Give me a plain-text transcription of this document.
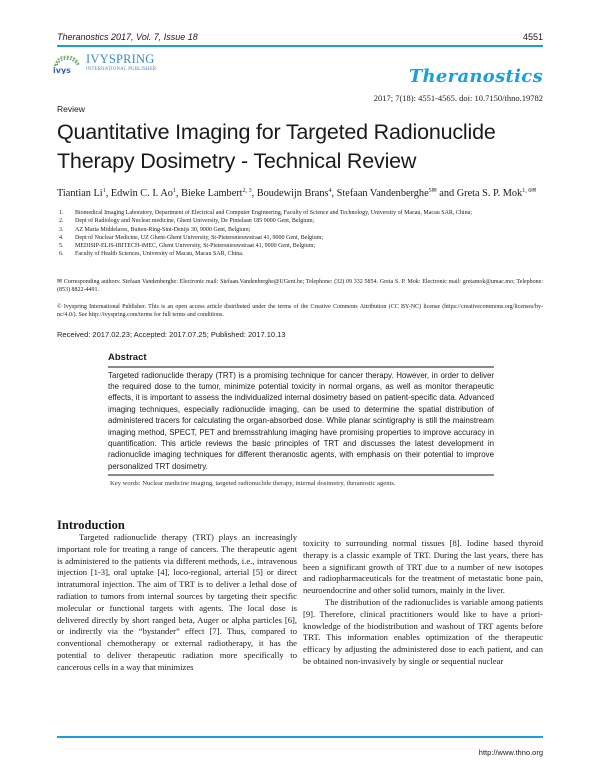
Theranostics 2017, Vol. 7, Issue 18	4551
ivys
IVYSPRING
INTERNATIONAL PUBLISHER	Theranostics
2017; 7(18): 4551-4565. doi: 10.7150/thno.19782
Review
Quantitative Imaging for Targeted Radionuclide Therapy Dosimetry - Technical Review
Tiantian Li$^1$, Edwin C. I. Ao$^1$, Bieke Lambert$^{2, 3}$, Boudewijn Brans$^4$, Stefaan Vandenberghe$^{5✉}$ and Greta S. P. Mok$^{1, 6✉}$
1. Biomedical Imaging Laboratory, Department of Electrical and Computer Engineering, Faculty of Science and Technology, University of Macau, Macau SAR, China;
2. Dept of Radiology and Nuclear medicine, Ghent University, De Pintelaan 185 9000 Gent, Belgium;
3. AZ Maria Middelares, Buiten-Ring-Sint-Denijs 30, 9000 Gent, Belgium;
4. Dept of Nuclear Medicine, UZ Ghent-Ghent University, St-Pietersnieuwstraat 41, 9000 Gent, Belgium;
5. MEDISIP-ELIS-IBITECH-iMEC, Ghent University, St-Pietersnieuwstraat 41, 9000 Gent, Belgium;
6. Faculty of Health Sciences, University of Macau, Macau SAR, China.
✉ Corresponding authors: Stefaan Vandenberghe: Electronic mail: Stefaan.Vandenberghe@UGent.be; Telephone: (32) 09 332 5854. Greta S. P. Mok: Electronic mail: gretamok@umac.mo; Telephone: (853) 8822-4491.
© Ivyspring International Publisher. This is an open access article distributed under the terms of the Creative Commons Attribution (CC BY-NC) license (https://creativecommons.org/licenses/by-nc/4.0/). See http://ivyspring.com/terms for full terms and conditions.
Received: 2017.02.23; Accepted: 2017.07.25; Published: 2017.10.13
Abstract
Targeted radionuclide therapy (TRT) is a promising technique for cancer therapy. However, in order to deliver the required dose to the tumor, minimize potential toxicity in normal organs, as well as monitor therapeutic effects, it is important to assess the individualized internal dosimetry based on patient-specific data. Advanced imaging techniques, especially radionuclide imaging, can be used to determine the spatial distribution of administered tracers for calculating the organ-absorbed dose. While planar scintigraphy is still the mainstream imaging method, SPECT, PET and bremsstrahlung imaging have promising properties to improve accuracy in quantification. This article reviews the basic principles of TRT and discusses the latest development in radionuclide imaging techniques for different theranostic agents, with emphasis on their potential to improve personalized TRT dosimetry.
Key words: Nuclear medicine imaging, targeted radionuclide therapy, internal dosimetry, theranostic agents.
Introduction

Targeted radionuclide therapy (TRT) plays an increasingly important role for treating a range of cancers. The therapeutic agent is administered to the patients via different methods, i.e., intravenous injection [1-3], oral uptake [4], loco-regional, arterial [5] or direct intratumoral injection. The aim of TRT is to deliver a lethal dose of radiation to tumors from internal sources by targeting their specific molecular or functional targets with agents. The local dose is delivered directly by short ranged beta, Auger or alpha particles [6], or indirectly via the “bystander” effect [7]. Thus, compared to conventional chemotherapy or external radiotherapy, it has the potential to deliver therapeutic radiation more specifically to cancerous cells in a way that minimizes

toxicity to surrounding normal tissues [8]. Iodine based thyroid therapy is a classic example of TRT. During the last years, there has been a significant growth of TRT due to a number of new isotopes and radiopharmaceuticals for the treatment of metastatic bone pain, neuroendocrine and other solid tumors, mainly in the liver.

The distribution of the radionuclides is variable among patients [9]. Therefore, clinical practitioners would like to have a priori-knowledge of the biodistribution and washout of TRT agents before TRT. This information enables optimization of the therapeutic efficacy by adjusting the administered dose to each patient, and can be obtained non-invasively by single or sequential nuclear

http://www.thno.org
